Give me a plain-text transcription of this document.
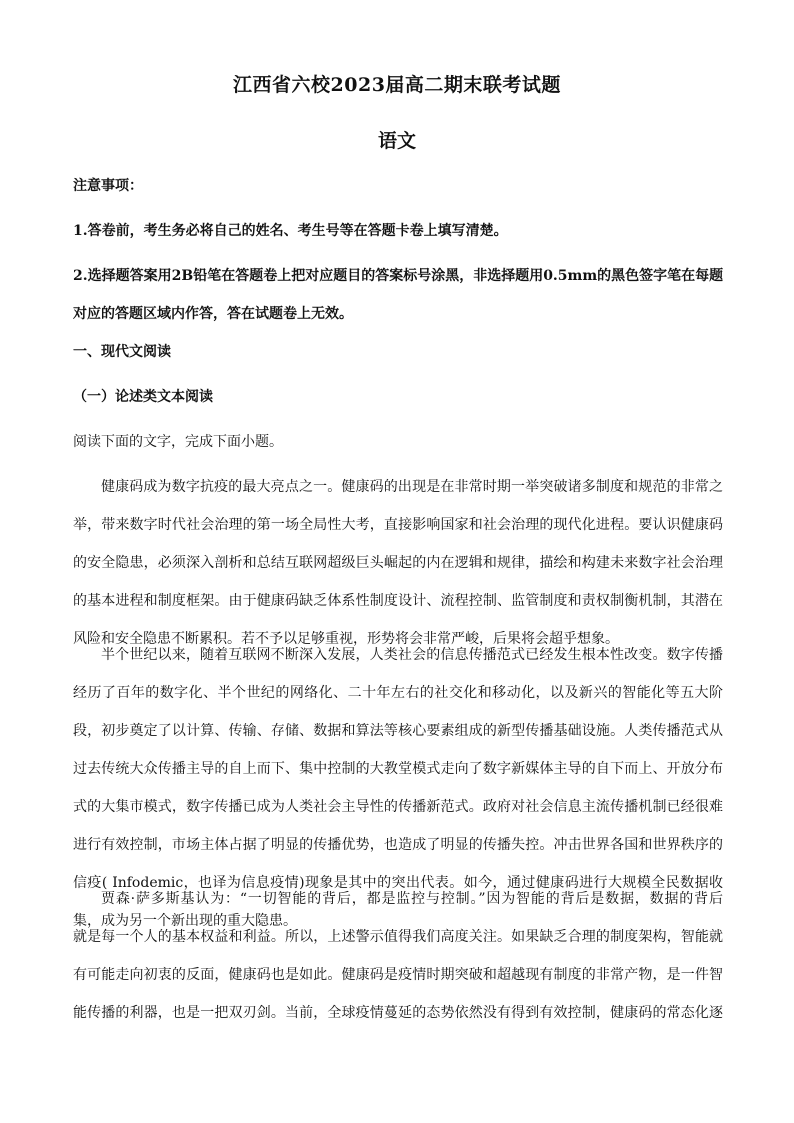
江西省六校2023届高二期末联考试题
语文
注意事项：
1.答卷前，考生务必将自己的姓名、考生号等在答题卡卷上填写清楚。
2.选择题答案用2B铅笔在答题卷上把对应题目的答案标号涂黑，非选择题用0.5mm的黑色签字笔在每题
对应的答题区域内作答，答在试题卷上无效。
一、现代文阅读
（一）论述类文本阅读
阅读下面的文字，完成下面小题。
健康码成为数字抗疫的最大亮点之一。健康码的出现是在非常时期一举突破诸多制度和规范的非常之
举，带来数字时代社会治理的第一场全局性大考，直接影响国家和社会治理的现代化进程。要认识健康码
的安全隐患，必须深入剖析和总结互联网超级巨头崛起的内在逻辑和规律，描绘和构建未来数字社会治理
的基本进程和制度框架。由于健康码缺乏体系性制度设计、流程控制、监管制度和责权制衡机制，其潜在
风险和安全隐患不断累积。若不予以足够重视，形势将会非常严峻，后果将会超乎想象。
半个世纪以来，随着互联网不断深入发展，人类社会的信息传播范式已经发生根本性改变。数字传播
经历了百年的数字化、半个世纪的网络化、二十年左右的社交化和移动化，以及新兴的智能化等五大阶
段，初步奠定了以计算、传输、存储、数据和算法等核心要素组成的新型传播基础设施。人类传播范式从
过去传统大众传播主导的自上而下、集中控制的大教堂模式走向了数字新媒体主导的自下而上、开放分布
式的大集市模式，数字传播已成为人类社会主导性的传播新范式。政府对社会信息主流传播机制已经很难
进行有效控制，市场主体占据了明显的传播优势，也造成了明显的传播失控。冲击世界各国和世界秩序的
信疫( Infodemic，也译为信息疫情)现象是其中的突出代表。如今，通过健康码进行大规模全民数据收
集，成为另一个新出现的重大隐患。
贾森·萨多斯基认为：“一切智能的背后，都是监控与控制。”因为智能的背后是数据，数据的背后
就是每一个人的基本权益和利益。所以，上述警示值得我们高度关注。如果缺乏合理的制度架构，智能就
有可能走向初衷的反面，健康码也是如此。健康码是疫情时期突破和超越现有制度的非常产物，是一件智
能传播的利器，也是一把双刃剑。当前，全球疫情蔓延的态势依然没有得到有效控制，健康码的常态化逐
